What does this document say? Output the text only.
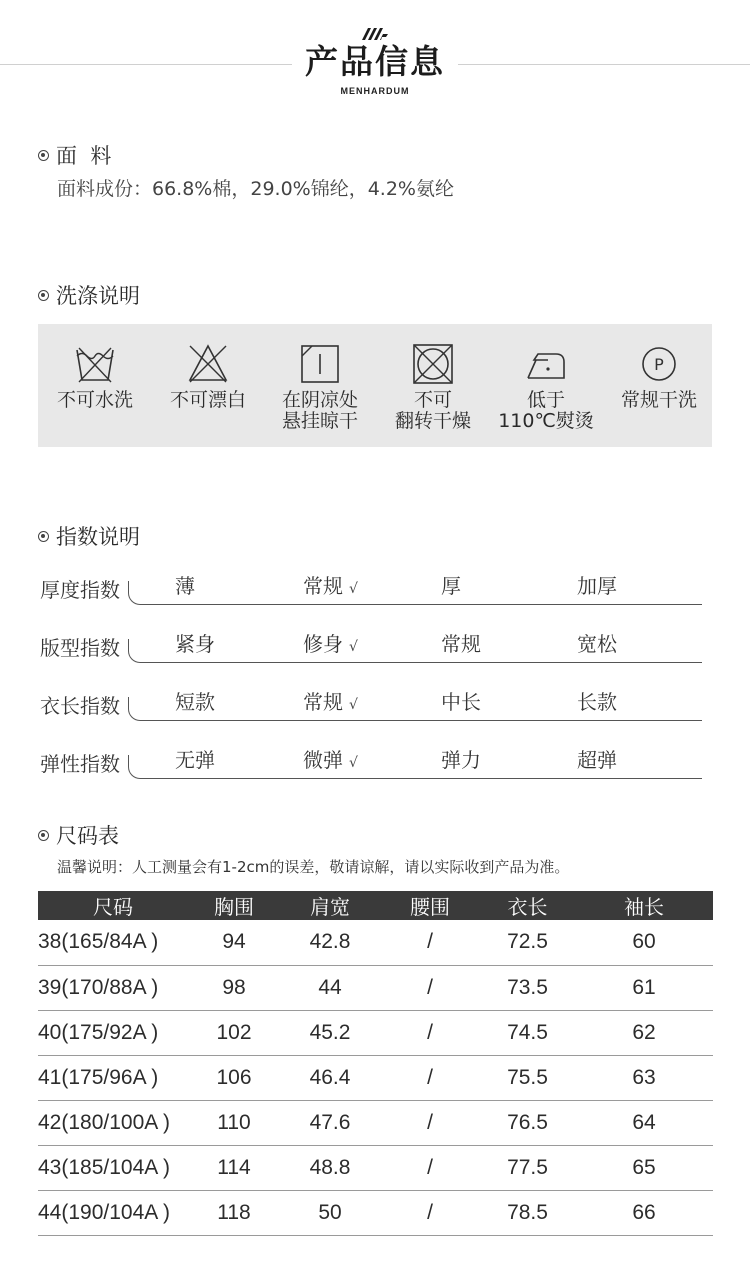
产品信息
MENHARDUM
面  料
面料成份：66.8%棉，29.0%锦纶，4.2%氨纶
洗涤说明
不可水洗	不可漂白	在阴凉处
悬挂晾干
不可
翻转干燥
低于
110℃熨烫
P
常规干洗
指数说明
厚度指数	薄	常规 √	厚	加厚
版型指数	紧身	修身 √	常规	宽松
衣长指数	短款	常规 √	中长	长款
弹性指数	无弹	微弹 √	弹力	超弹
尺码表
温馨说明：人工测量会有1-2cm的误差，敬请谅解，请以实际收到产品为准。
尺码	胸围	肩宽	腰围	衣长	袖长
38(165/84A )	94	42.8	/	72.5	60
39(170/88A )	98	44	/	73.5	61
40(175/92A )	102	45.2	/	74.5	62
41(175/96A )	106	46.4	/	75.5	63
42(180/100A )	110	47.6	/	76.5	64
43(185/104A )	114	48.8	/	77.5	65
44(190/104A )	118	50	/	78.5	66
